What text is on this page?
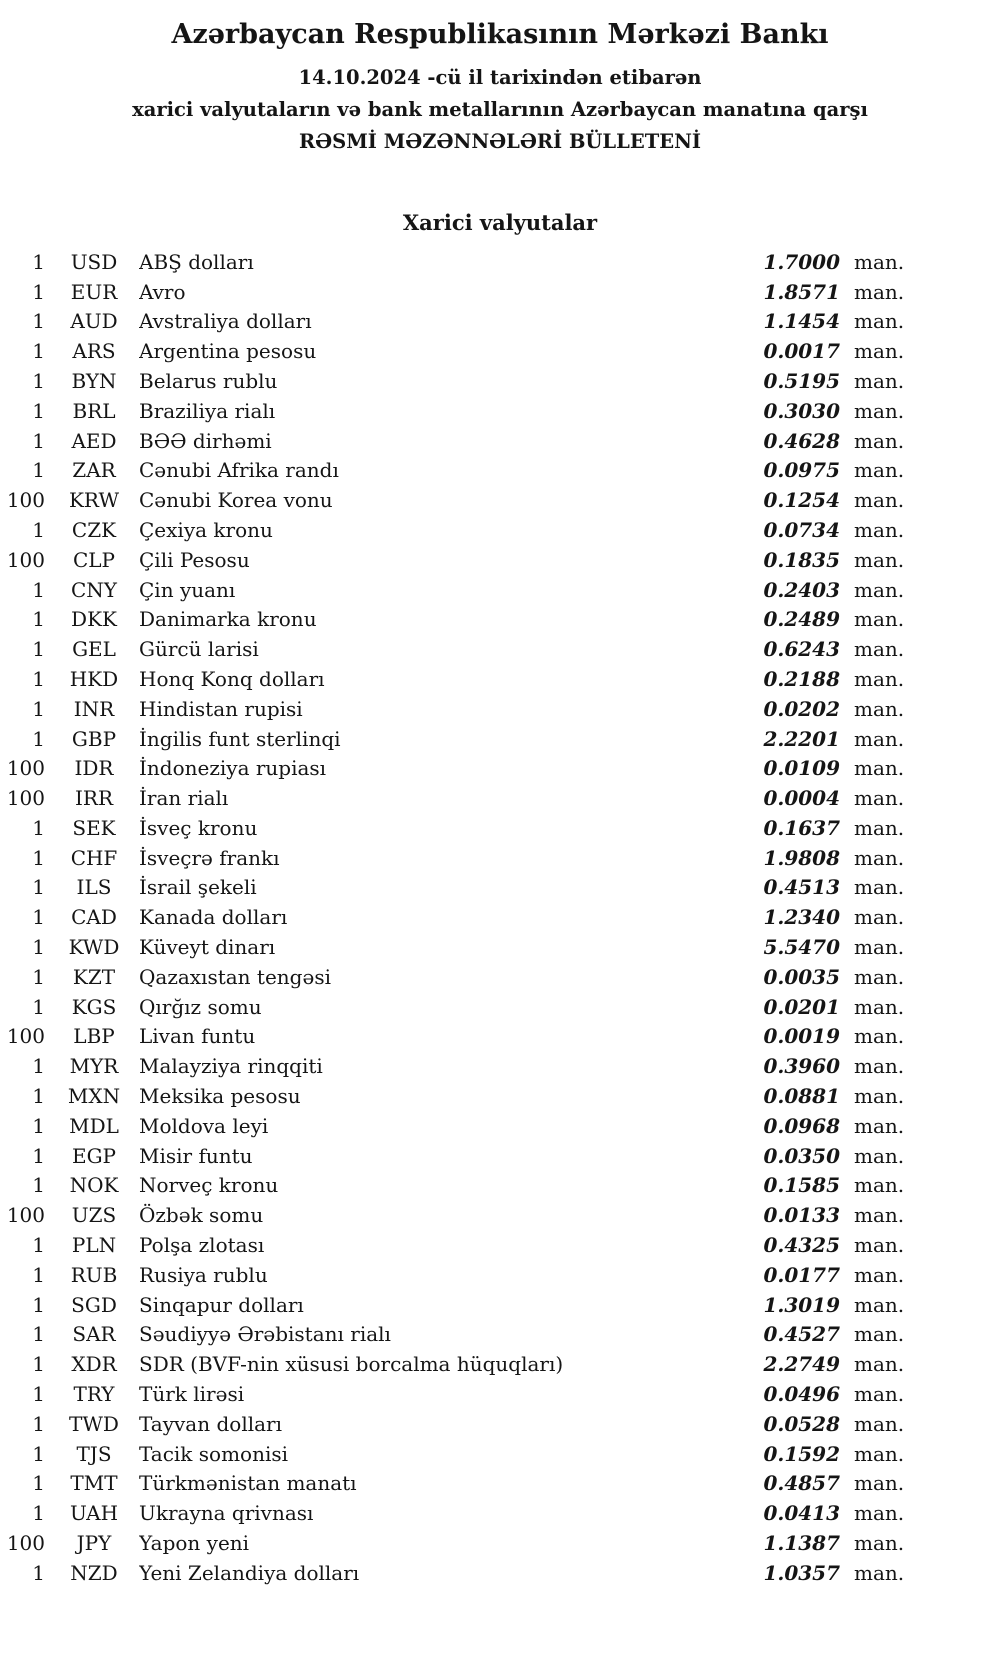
Azərbaycan Respublikasının Mərkəzi Bankı
14.10.2024 -cü il tarixindən etibarən
xarici valyutaların və bank metallarının Azərbaycan manatına qarşı
RƏSMİ MƏZƏNNƏLƏRİ BÜLLETENİ
Xarici valyutalar
1	USD	ABŞ dolları	1.7000 man.
1	EUR	Avro	1.8571 man.
1	AUD	Avstraliya dolları	1.1454 man.
1	ARS	Argentina pesosu	0.0017 man.
1	BYN	Belarus rublu	0.5195 man.
1	BRL	Braziliya rialı	0.3030 man.
1	AED	BƏƏ dirhəmi	0.4628 man.
1	ZAR	Cənubi Afrika randı	0.0975 man.
100	KRW Cənubi Korea vonu	0.1254 man.
1	CZK	Çexiya kronu	0.0734 man.
100	CLP	Çili Pesosu	0.1835 man.
1	CNY	Çin yuanı	0.2403 man.
1	DKK	Danimarka kronu	0.2489 man.
1	GEL	Gürcü larisi	0.6243 man.
1	HKD	Honq Konq dolları	0.2188 man.
1	INR	Hindistan rupisi	0.0202 man.
1	GBP	İngilis funt sterlinqi	2.2201 man.
100	IDR	İndoneziya rupiası	0.0109 man.
100	IRR	İran rialı	0.0004 man.
1	SEK	İsveç kronu	0.1637 man.
1	CHF	İsveçrə frankı	1.9808 man.
1	ILS	İsrail şekeli	0.4513 man.
1	CAD	Kanada dolları	1.2340 man.
1	KWD Küveyt dinarı	5.5470 man.
1	KZT	Qazaxıstan tengəsi	0.0035 man.
1	KGS	Qırğız somu	0.0201 man.
100	LBP	Livan funtu	0.0019 man.
1	MYR	Malayziya rinqqiti	0.3960 man.
1	MXN Meksika pesosu	0.0881 man.
1	MDL	Moldova leyi	0.0968 man.
1	EGP	Misir funtu	0.0350 man.
1	NOK	Norveç kronu	0.1585 man.
100	UZS	Özbək somu	0.0133 man.
1	PLN	Polşa zlotası	0.4325 man.
1	RUB	Rusiya rublu	0.0177 man.
1	SGD	Sinqapur dolları	1.3019 man.
1	SAR	Səudiyyə Ərəbistanı rialı	0.4527 man.
1	XDR	SDR (BVF-nin xüsusi borcalma hüquqları)	2.2749 man.
1	TRY	Türk lirəsi	0.0496 man.
1	TWD	Tayvan dolları	0.0528 man.
1	TJS	Tacik somonisi	0.1592 man.
1	TMT	Türkmənistan manatı	0.4857 man.
1	UAH	Ukrayna qrivnası	0.0413 man.
100	JPY	Yapon yeni	1.1387 man.
1	NZD	Yeni Zelandiya dolları	1.0357 man.
